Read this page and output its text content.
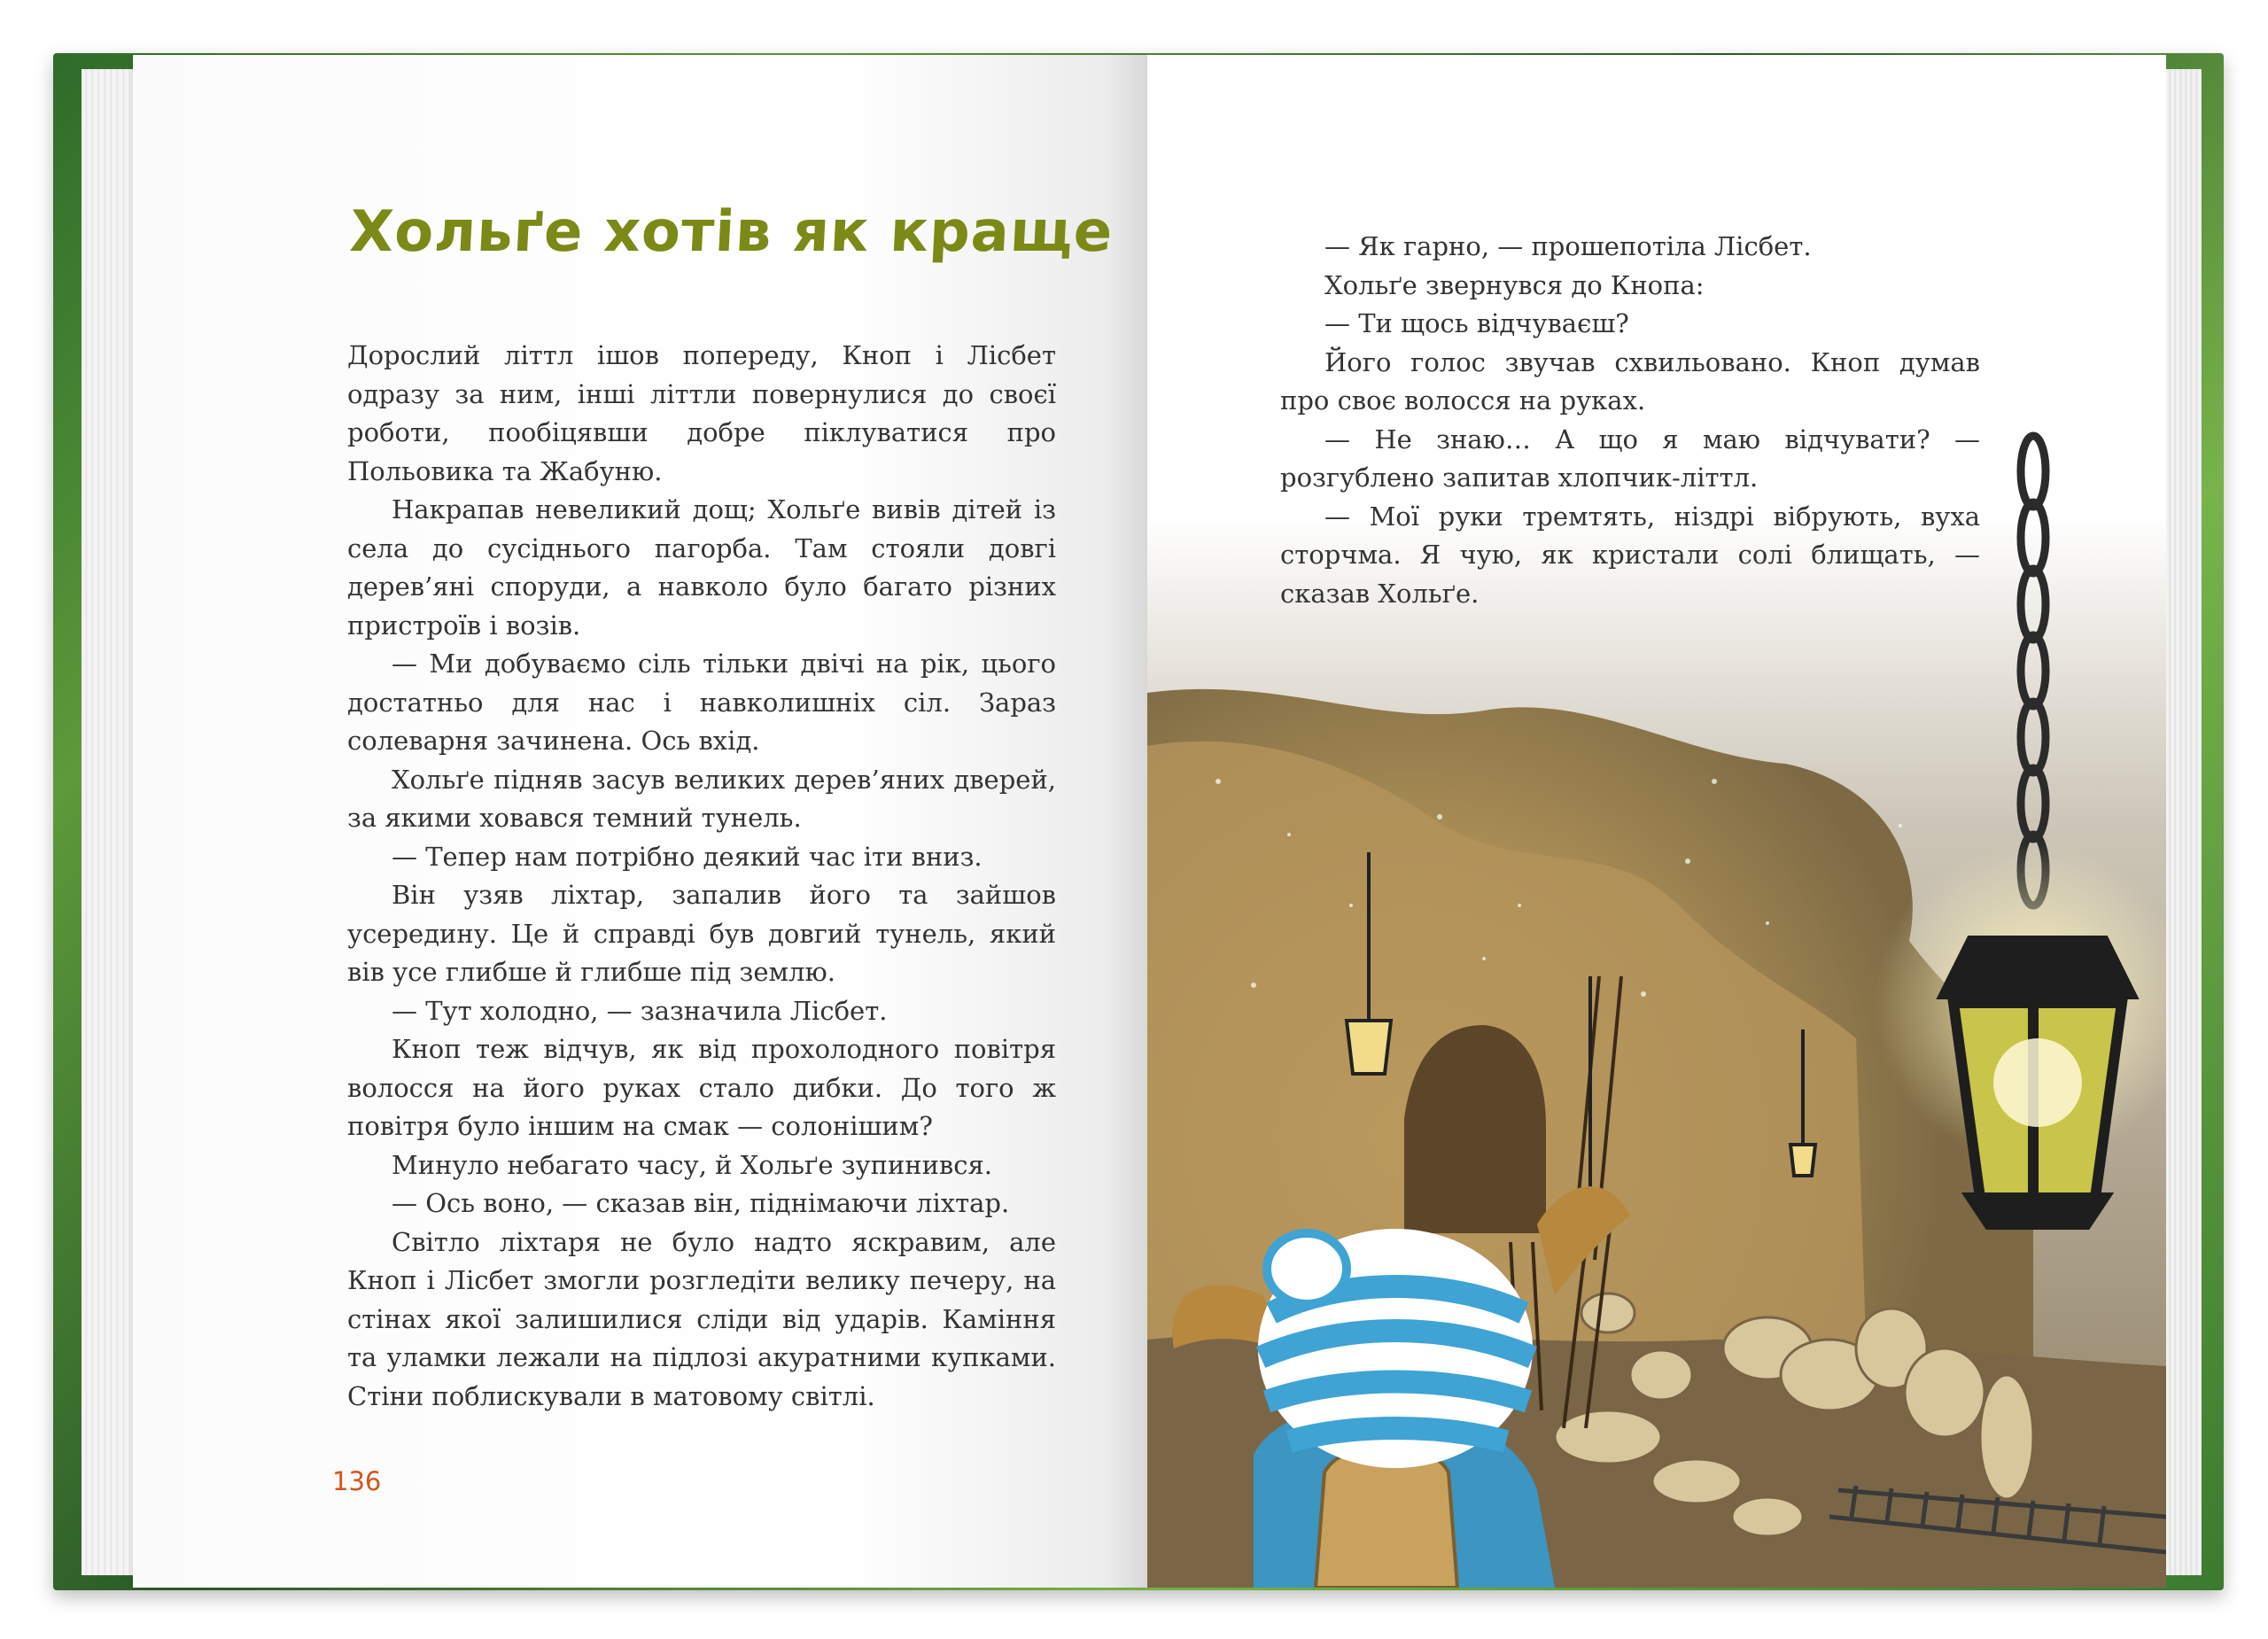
— Як гарно, — прошепотіла Лісбет.

Хольґе звернувся до Кнопа:

— Ти щось відчуваєш?

Його голос звучав схвильовано. Кноп думав про своє волосся на руках.

— Не знаю… А що я маю відчувати? — розгублено запитав хлопчик-літтл.

— Мої руки тремтять, ніздрі вібрують, вуха сторчма. Я чую, як кристали солі блищать, — сказав Хольґе.

Хольґе хотів як краще

Дорослий літтл ішов попереду, Кноп і Лісбет одразу за ним, інші літтли повернулися до своєї роботи, пообіцявши добре піклуватися про Польовика та Жабуню.

Накрапав невеликий дощ; Хольґе вивів дітей із села до сусіднього пагорба. Там стояли довгі дерев’яні споруди, а навколо було багато різних пристроїв і возів.

— Ми добуваємо сіль тільки двічі на рік, цього достатньо для нас і навколишніх сіл. Зараз солеварня зачинена. Ось вхід.

Хольґе підняв засув великих дерев’яних дверей, за якими ховався темний тунель.

— Тепер нам потрібно деякий час іти вниз.

Він узяв ліхтар, запалив його та зайшов усередину. Це й справді був довгий тунель, який вів усе глибше й глибше під землю.

— Тут холодно, — зазначила Лісбет.

Кноп теж відчув, як від прохолодного повітря волосся на його руках стало дибки. До того ж повітря було іншим на смак — солонішим?

Минуло небагато часу, й Хольґе зупинився.

— Ось воно, — сказав він, піднімаючи ліхтар.

Світло ліхтаря не було надто яскравим, але Кноп і Лісбет змогли розгледіти велику печеру, на стінах якої залишилися сліди від ударів. Каміння та уламки лежали на підлозі акуратними купками. Стіни поблискували в матовому світлі.

136
